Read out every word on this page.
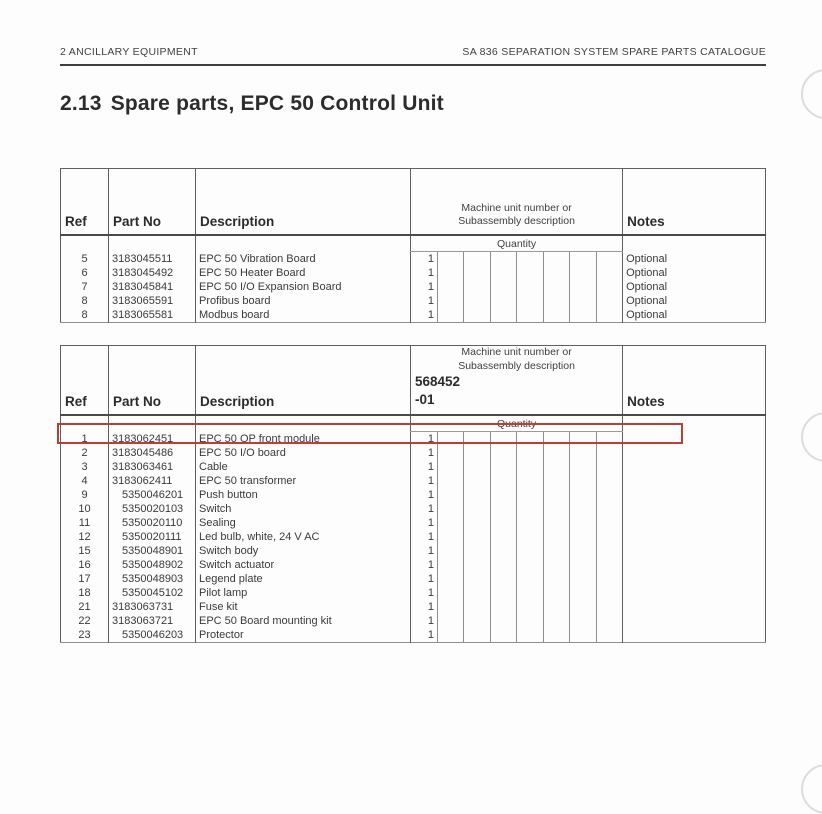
2 ANCILLARY EQUIPMENT	SA 836 SEPARATION SYSTEM SPARE PARTS CATALOGUE
2.13 Spare parts, EPC 50 Control Unit
Ref	Part No	Description	Machine unit number or
Subassembly description								Notes
			Quantity								
5	3183045511	EPC 50 Vibration Board	1								Optional
6	3183045492	EPC 50 Heater Board	1								Optional
7	3183045841	EPC 50 I/O Expansion Board	1								Optional
8	3183065591	Profibus board	1								Optional
8	3183065581	Modbus board	1								Optional
Ref	Part No	Description	Machine unit number or
Subassembly description
568452
-01								Notes
			Quantity								
1	3183062451	EPC 50 OP front module	1								
2	3183045486	EPC 50 I/O board	1								
3	3183063461	Cable	1								
4	3183062411	EPC 50 transformer	1								
9	5350046201	Push button	1								
10	5350020103	Switch	1								
11	5350020110	Sealing	1								
12	5350020111	Led bulb, white, 24 V AC	1								
15	5350048901	Switch body	1								
16	5350048902	Switch actuator	1								
17	5350048903	Legend plate	1								
18	5350045102	Pilot lamp	1								
21	3183063731	Fuse kit	1								
22	3183063721	EPC 50 Board mounting kit	1								
23	5350046203	Protector	1								
